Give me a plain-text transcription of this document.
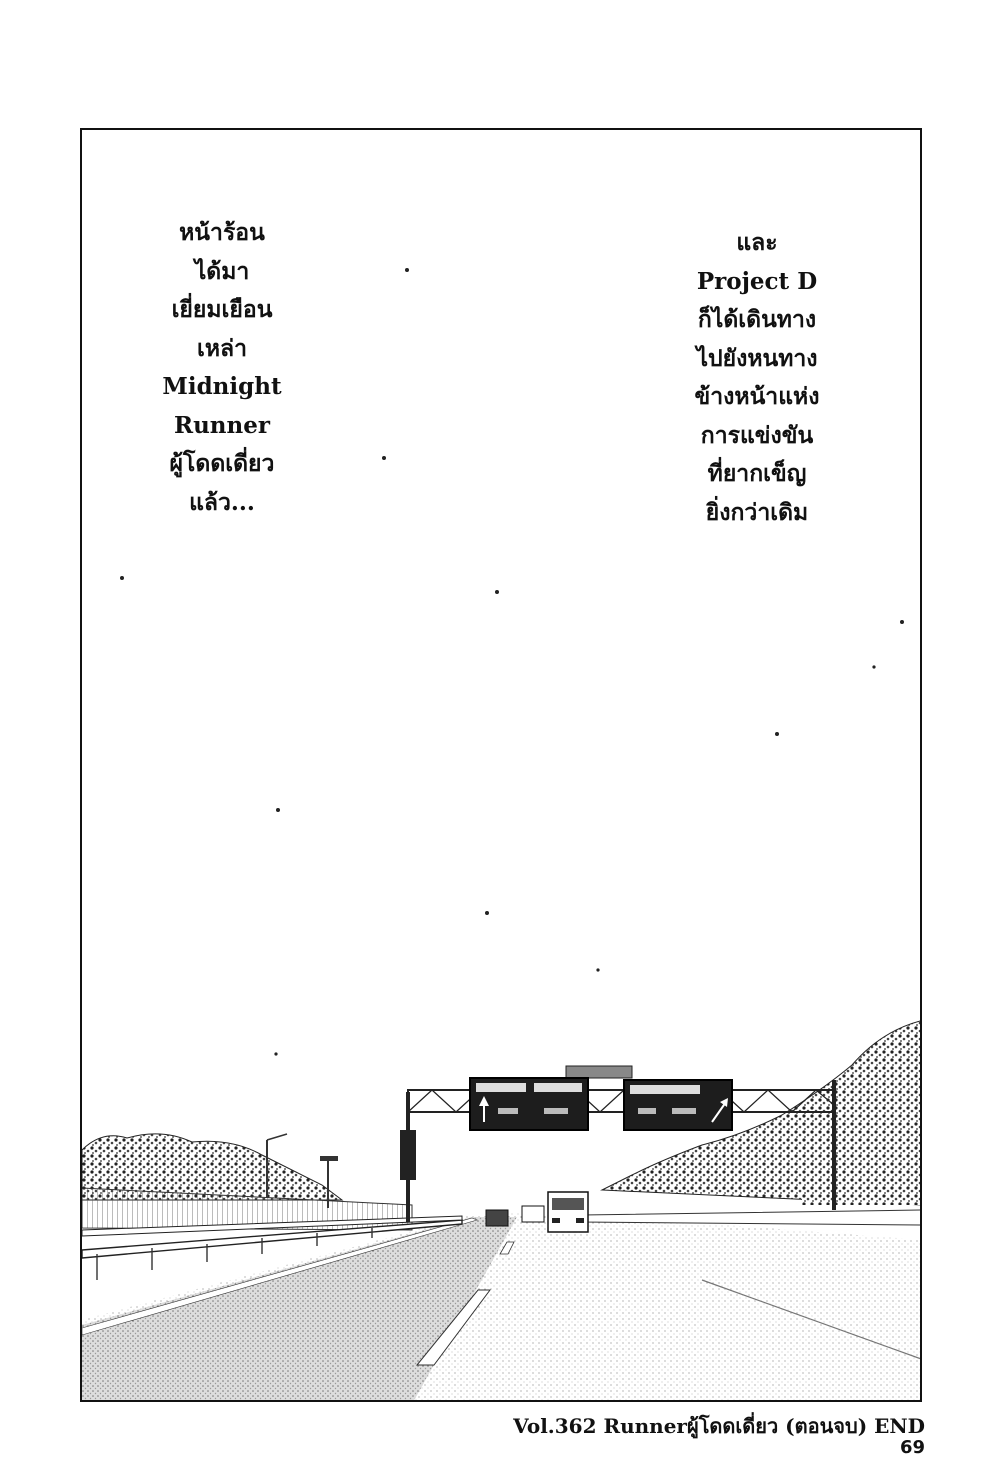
หน้าร้อน
ได้มา
เยี่ยมเยือน
เหล่า
Midnight
Runner
ผู้โดดเดี่ยว
แล้ว...
และ
Project D
ก็ได้เดินทาง
ไปยังหนทาง
ข้างหน้าแห่ง
การแข่งขัน
ที่ยากเข็ญ
ยิ่งกว่าเดิม
Vol.362 Runnerผู้โดดเดี่ยว (ตอนจบ) END
69
